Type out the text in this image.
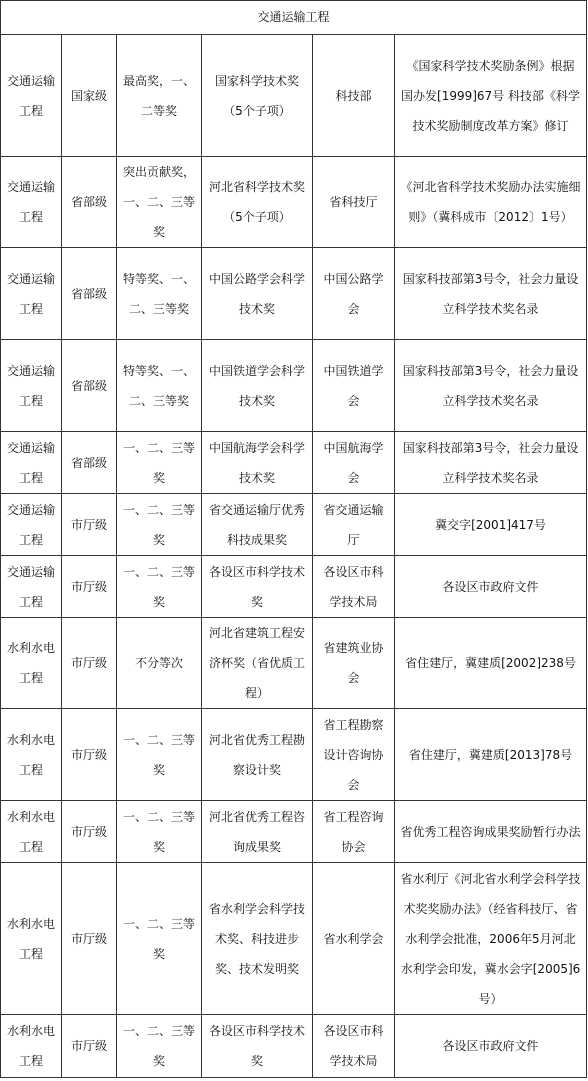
交通运输工程					
交通运输工程	国家级	最高奖，一、二等奖	国家科学技术奖（5个子项）	科技部	《国家科学技术奖励条例》根据 国办发[1999]67号 科技部《科学技术奖励制度改革方案》修订
交通运输工程	省部级	突出贡献奖，一、二、三等奖	河北省科学技术奖（5个子项）	省科技厅	《河北省科学技术奖励办法实施细则》（冀科成市〔2012〕1号）
交通运输工程	省部级	特等奖、一、二、三等奖	中国公路学会科学技术奖	中国公路学会	国家科技部第3号令，社会力量设立科学技术奖名录
交通运输工程	省部级	特等奖、一、二、三等奖	中国铁道学会科学技术奖	中国铁道学会	国家科技部第3号令，社会力量设立科学技术奖名录
交通运输工程	省部级	一、二、三等奖	中国航海学会科学技术奖	中国航海学会	国家科技部第3号令，社会力量设立科学技术奖名录
交通运输工程	市厅级	一、二、三等奖	省交通运输厅优秀科技成果奖	省交通运输厅	冀交字[2001]417号
交通运输工程	市厅级	一、二、三等奖	各设区市科学技术奖	各设区市科学技术局	各设区市政府文件
水利水电工程	市厅级	不分等次	河北省建筑工程安济杯奖（省优质工程）	省建筑业协会	省住建厅，冀建质[2002]238号
水利水电工程	市厅级	一、二、三等奖	河北省优秀工程勘察设计奖	省工程勘察设计咨询协会	省住建厅，冀建质[2013]78号
水利水电工程	市厅级	一、二、三等奖	河北省优秀工程咨询成果奖	省工程咨询协会	省优秀工程咨询成果奖励暂行办法
水利水电工程	市厅级	一、二、三等奖	省水利学会科学技术奖、科技进步奖、技术发明奖	省水利学会	省水利厅《河北省水利学会科学技术奖奖励办法》（经省科技厅、省水利学会批准，2006年5月河北水利学会印发，冀水会字[2005]6号）
水利水电工程	市厅级	一、二、三等奖	各设区市科学技术奖	各设区市科学技术局	各设区市政府文件
